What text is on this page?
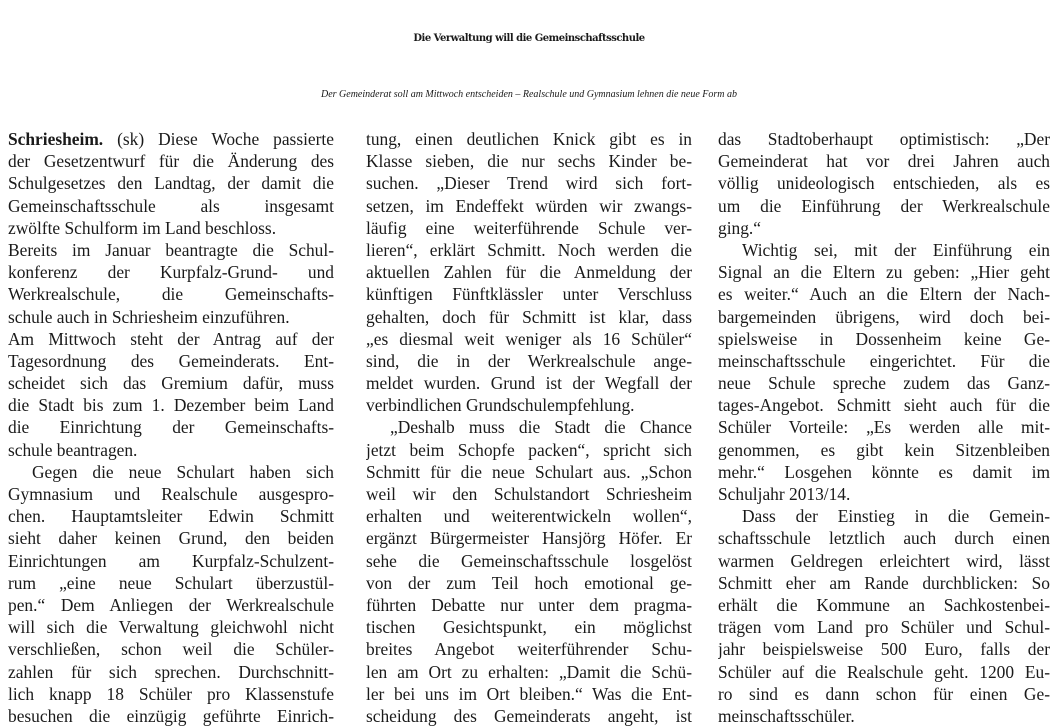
Die Verwaltung will die Gemeinschaftsschule
Der Gemeinderat soll am Mittwoch entscheiden – Realschule und Gymnasium lehnen die neue Form ab
Schriesheim. (sk) Diese Woche passierte
der Gesetzentwurf für die Änderung des
Schulgesetzes den Landtag, der damit die
Gemeinschaftsschule als insgesamt
zwölfte Schulform im Land beschloss.
Bereits im Januar beantragte die Schul-
konferenz der Kurpfalz-Grund- und
Werkrealschule, die Gemeinschafts-
schule auch in Schriesheim einzuführen.
Am Mittwoch steht der Antrag auf der
Tagesordnung des Gemeinderats. Ent-
scheidet sich das Gremium dafür, muss
die Stadt bis zum 1. Dezember beim Land
die Einrichtung der Gemeinschafts-
schule beantragen.
Gegen die neue Schulart haben sich
Gymnasium und Realschule ausgespro-
chen. Hauptamtsleiter Edwin Schmitt
sieht daher keinen Grund, den beiden
Einrichtungen am Kurpfalz-Schulzent-
rum „eine neue Schulart überzustül-
pen.“ Dem Anliegen der Werkrealschule
will sich die Verwaltung gleichwohl nicht
verschließen, schon weil die Schüler-
zahlen für sich sprechen. Durchschnitt-
lich knapp 18 Schüler pro Klassenstufe
besuchen die einzügig geführte Einrich-
tung, einen deutlichen Knick gibt es in
Klasse sieben, die nur sechs Kinder be-
suchen. „Dieser Trend wird sich fort-
setzen, im Endeffekt würden wir zwangs-
läufig eine weiterführende Schule ver-
lieren“, erklärt Schmitt. Noch werden die
aktuellen Zahlen für die Anmeldung der
künftigen Fünftklässler unter Verschluss
gehalten, doch für Schmitt ist klar, dass
„es diesmal weit weniger als 16 Schüler“
sind, die in der Werkrealschule ange-
meldet wurden. Grund ist der Wegfall der
verbindlichen Grundschulempfehlung.
„Deshalb muss die Stadt die Chance
jetzt beim Schopfe packen“, spricht sich
Schmitt für die neue Schulart aus. „Schon
weil wir den Schulstandort Schriesheim
erhalten und weiterentwickeln wollen“,
ergänzt Bürgermeister Hansjörg Höfer. Er
sehe die Gemeinschaftsschule losgelöst
von der zum Teil hoch emotional ge-
führten Debatte nur unter dem pragma-
tischen Gesichtspunkt, ein möglichst
breites Angebot weiterführender Schu-
len am Ort zu erhalten: „Damit die Schü-
ler bei uns im Ort bleiben.“ Was die Ent-
scheidung des Gemeinderats angeht, ist
das Stadtoberhaupt optimistisch: „Der
Gemeinderat hat vor drei Jahren auch
völlig unideologisch entschieden, als es
um die Einführung der Werkrealschule
ging.“
Wichtig sei, mit der Einführung ein
Signal an die Eltern zu geben: „Hier geht
es weiter.“ Auch an die Eltern der Nach-
bargemeinden übrigens, wird doch bei-
spielsweise in Dossenheim keine Ge-
meinschaftsschule eingerichtet. Für die
neue Schule spreche zudem das Ganz-
tages-Angebot. Schmitt sieht auch für die
Schüler Vorteile: „Es werden alle mit-
genommen, es gibt kein Sitzenbleiben
mehr.“ Losgehen könnte es damit im
Schuljahr 2013/14.
Dass der Einstieg in die Gemein-
schaftsschule letztlich auch durch einen
warmen Geldregen erleichtert wird, lässt
Schmitt eher am Rande durchblicken: So
erhält die Kommune an Sachkostenbei-
trägen vom Land pro Schüler und Schul-
jahr beispielsweise 500 Euro, falls der
Schüler auf die Realschule geht. 1200 Eu-
ro sind es dann schon für einen Ge-
meinschaftsschüler.
